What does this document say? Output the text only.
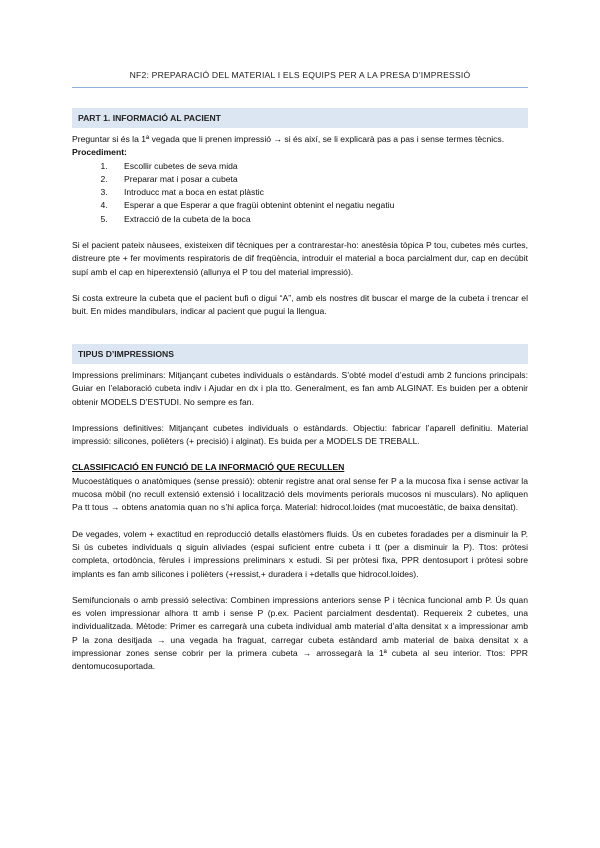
NF2: PREPARACIÓ DEL MATERIAL I ELS EQUIPS PER A LA PRESA D’IMPRESSIÓ
PART 1. INFORMACIÓ AL PACIENT

Preguntar si és la 1ª vegada que li prenen impressió → si és així, se li explicarà pas a pas i sense termes tècnics.

Procediment:

1. Escollir cubetes de seva mida
2. Preparar mat i posar a cubeta
3. Introducc mat a boca en estat plàstic
4. Esperar a que Esperar a que fragüi obtenint obtenint el negatiu negatiu
5. Extracció de la cubeta de la boca

Si el pacient pateix nàusees, existeixen dif tècniques per a contrarestar-ho: anestèsia tòpica P tou, cubetes més curtes, distreure pte + fer moviments respiratoris de dif freqüència, introduir el material a boca parcialment dur, cap en decúbit supí amb el cap en hiperextensió (allunya el P tou del material impressió).

Si costa extreure la cubeta que el pacient bufi o digui “A”, amb els nostres dit buscar el marge de la cubeta i trencar el buit. En mides mandibulars, indicar al pacient que pugui la llengua.

TIPUS D’IMPRESSIONS

Impressions preliminars: Mitjançant cubetes individuals o estàndards. S’obté model d’estudi amb 2 funcions principals: Guiar en l’elaboració cubeta indiv i Ajudar en dx i pla tto. Generalment, es fan amb ALGINAT. Es buiden per a obtenir obtenir MODELS D’ESTUDI. No sempre es fan.

Impressions definitives: Mitjançant cubetes individuals o estàndards. Objectiu: fabricar l’aparell definitiu. Material impressió: silicones, polièters (+ precisió) i alginat). Es buida per a MODELS DE TREBALL.

CLASSIFICACIÓ EN FUNCIÓ DE LA INFORMACIÓ QUE RECULLEN

Mucoestàtiques o anatòmiques (sense pressió): obtenir registre anat oral sense fer P a la mucosa fixa i sense activar la mucosa mòbil (no recull extensió extensió i localització dels moviments periorals mucosos ni musculars). No apliquen Pa tt tous → obtens anatomia quan no s’hi aplica força. Material: hidrocol.loides (mat mucoestàtic, de baixa densitat).

De vegades, volem + exactitud en reproducció detalls elastòmers fluids. Ús en cubetes foradades per a disminuir la P. Si ús cubetes individuals q siguin aliviades (espai suficient entre cubeta i tt (per a disminuir la P). Ttos: pròtesi completa, ortodòncia, fèrules i impressions preliminars x estudi. Si per pròtesi fixa, PPR dentosuport i pròtesi sobre implants es fan amb silicones i polièters (+ressist,+ duradera i +detalls que hidrocol.loides).

Semifuncionals o amb pressió selectiva: Combinen impressions anteriors sense P i tècnica funcional amb P. Ús quan es volen impressionar alhora tt amb i sense P (p.ex. Pacient parcialment desdentat). Requereix 2 cubetes, una individualitzada. Mètode: Primer es carregarà una cubeta individual amb material d’alta densitat x a impressionar amb P la zona desitjada → una vegada ha fraguat, carregar cubeta estàndard amb material de baixa densitat x a impressionar zones sense cobrir per la primera cubeta → arrossegarà la 1ª cubeta al seu interior. Ttos: PPR dentomucosuportada.
